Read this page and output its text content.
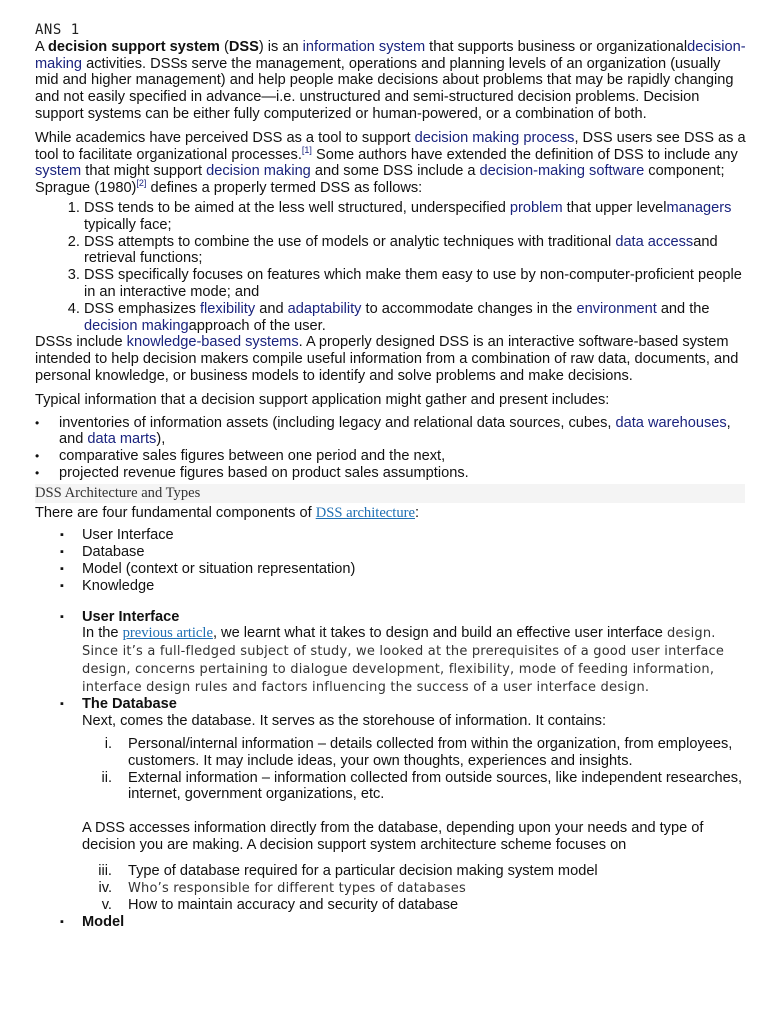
ANS 1

A decision support system (DSS) is an information system that supports business or organizationaldecision-making activities. DSSs serve the management, operations and planning levels of an organization (usually mid and higher management) and help people make decisions about problems that may be rapidly changing and not easily specified in advance—i.e. unstructured and semi-structured decision problems. Decision support systems can be either fully computerized or human-powered, or a combination of both.

While academics have perceived DSS as a tool to support decision making process, DSS users see DSS as a tool to facilitate organizational processes.[1] Some authors have extended the definition of DSS to include any system that might support decision making and some DSS include a decision-making software component; Sprague (1980)[2] defines a properly termed DSS as follows:

1. DSS tends to be aimed at the less well structured, underspecified problem that upper levelmanagers typically face;
2. DSS attempts to combine the use of models or analytic techniques with traditional data accessand retrieval functions;
3. DSS specifically focuses on features which make them easy to use by non-computer-proficient people in an interactive mode; and
4. DSS emphasizes flexibility and adaptability to accommodate changes in the environment and the decision makingapproach of the user.

DSSs include knowledge-based systems. A properly designed DSS is an interactive software-based system intended to help decision makers compile useful information from a combination of raw data, documents, and personal knowledge, or business models to identify and solve problems and make decisions.

Typical information that a decision support application might gather and present includes:

• inventories of information assets (including legacy and relational data sources, cubes, data warehouses, and data marts),
• comparative sales figures between one period and the next,
• projected revenue figures based on product sales assumptions.
DSS Architecture and Types

There are four fundamental components of DSS architecture:

▪ User Interface
▪ Database
▪ Model (context or situation representation)
▪ Knowledge
▪ User Interface
In the previous article, we learnt what it takes to design and build an effective user interface design. Since it’s a full-fledged subject of study, we looked at the prerequisites of a good user interface design, concerns pertaining to dialogue development, flexibility, mode of feeding information, interface design rules and factors influencing the success of a user interface design.
▪ The Database
Next, comes the database. It serves as the storehouse of information. It contains:
i. Personal/internal information – details collected from within the organization, from employees, customers. It may include ideas, your own thoughts, experiences and insights.
ii. External information – information collected from outside sources, like independent researches, internet, government organizations, etc.

A DSS accesses information directly from the database, depending upon your needs and type of decision you are making. A decision support system architecture scheme focuses on

iii. Type of database required for a particular decision making system model
iv. Who’s responsible for different types of databases
v. How to maintain accuracy and security of database
▪ Model
